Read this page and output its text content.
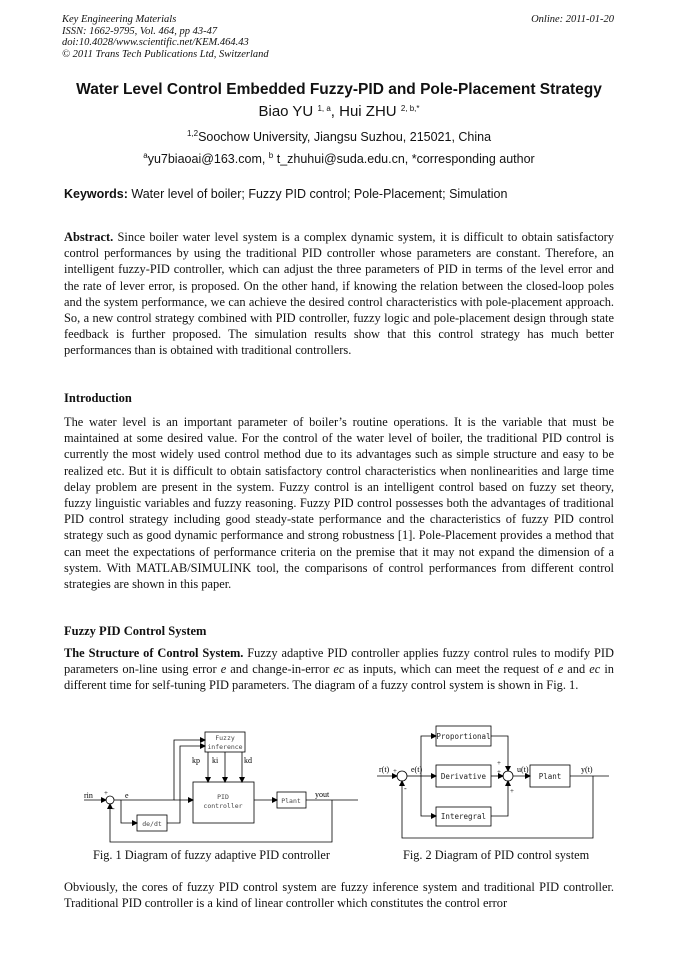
Key Engineering Materials
ISSN: 1662-9795, Vol. 464, pp 43-47
doi:10.4028/www.scientific.net/KEM.464.43
© 2011 Trans Tech Publications Ltd, Switzerland
Online: 2011-01-20
Water Level Control Embedded Fuzzy-PID and Pole-Placement Strategy
Biao YU $^{1, a}$, Hui ZHU $^{2, b,*}$
$^{1,2}$Soochow University, Jiangsu Suzhou, 215021, China
$^a$yu7biaoai@163.com, $^b$ t_zhuhui@suda.edu.cn, *corresponding author
Keywords: Water level of boiler; Fuzzy PID control; Pole-Placement; Simulation
Abstract. Since boiler water level system is a complex dynamic system, it is difficult to obtain satisfactory control performances by using the traditional PID controller whose parameters are constant. Therefore, an intelligent fuzzy-PID controller, which can adjust the three parameters of PID in terms of the level error and the rate of lever error, is proposed. On the other hand, if knowing the relation between the closed-loop poles and the system performance, we can achieve the desired control characteristics with pole-placement approach. So, a new control strategy combined with PID controller, fuzzy logic and pole-placement design through state feedback is further proposed. The simulation results show that this control strategy has much better performances than is obtained with traditional controllers.
Introduction
The water level is an important parameter of boiler’s routine operations. It is the variable that must be maintained at some desired value. For the control of the water level of boiler, the traditional PID control is currently the most widely used control method due to its advantages such as simple structure and easy to be realized etc. But it is difficult to obtain satisfactory control characteristics when nonlinearities and large time delay problem are present in the system. Fuzzy control is an intelligent control based on fuzzy set theory, fuzzy linguistic variables and fuzzy reasoning. Fuzzy PID control possesses both the advantages of traditional PID control strategy including good steady-state performance and the characteristics of fuzzy PID control strategy such as good dynamic performance and strong robustness [1]. Pole-Placement provides a method that can meet the expectations of performance criteria on the premise that it may not expand the dimension of a system. With MATLAB/SIMULINK tool, the comparisons of control performances from different control strategies are shown in this paper.
Fuzzy PID Control System
The Structure of Control System. Fuzzy adaptive PID controller applies fuzzy control rules to modify PID parameters on-line using error e and change-in-error ec as inputs, which can meet the request of e and ec in different time for self-tuning PID parameters. The diagram of a fuzzy control system is shown in Fig. 1.
Fuzzy
inference
PID
controller
Plant
de/dt
kp ki	kd
rin	e	yout
+
-
Fig. 1 Diagram of fuzzy adaptive PID controller
Proportional
Derivative
Interegral
Plant
r(t)	e(t)	u(t)	y(t)
+
-
+
+
+
Fig. 2 Diagram of PID control system
Obviously, the cores of fuzzy PID control system are fuzzy inference system and traditional PID controller. Traditional PID controller is a kind of linear controller which constitutes the control error
